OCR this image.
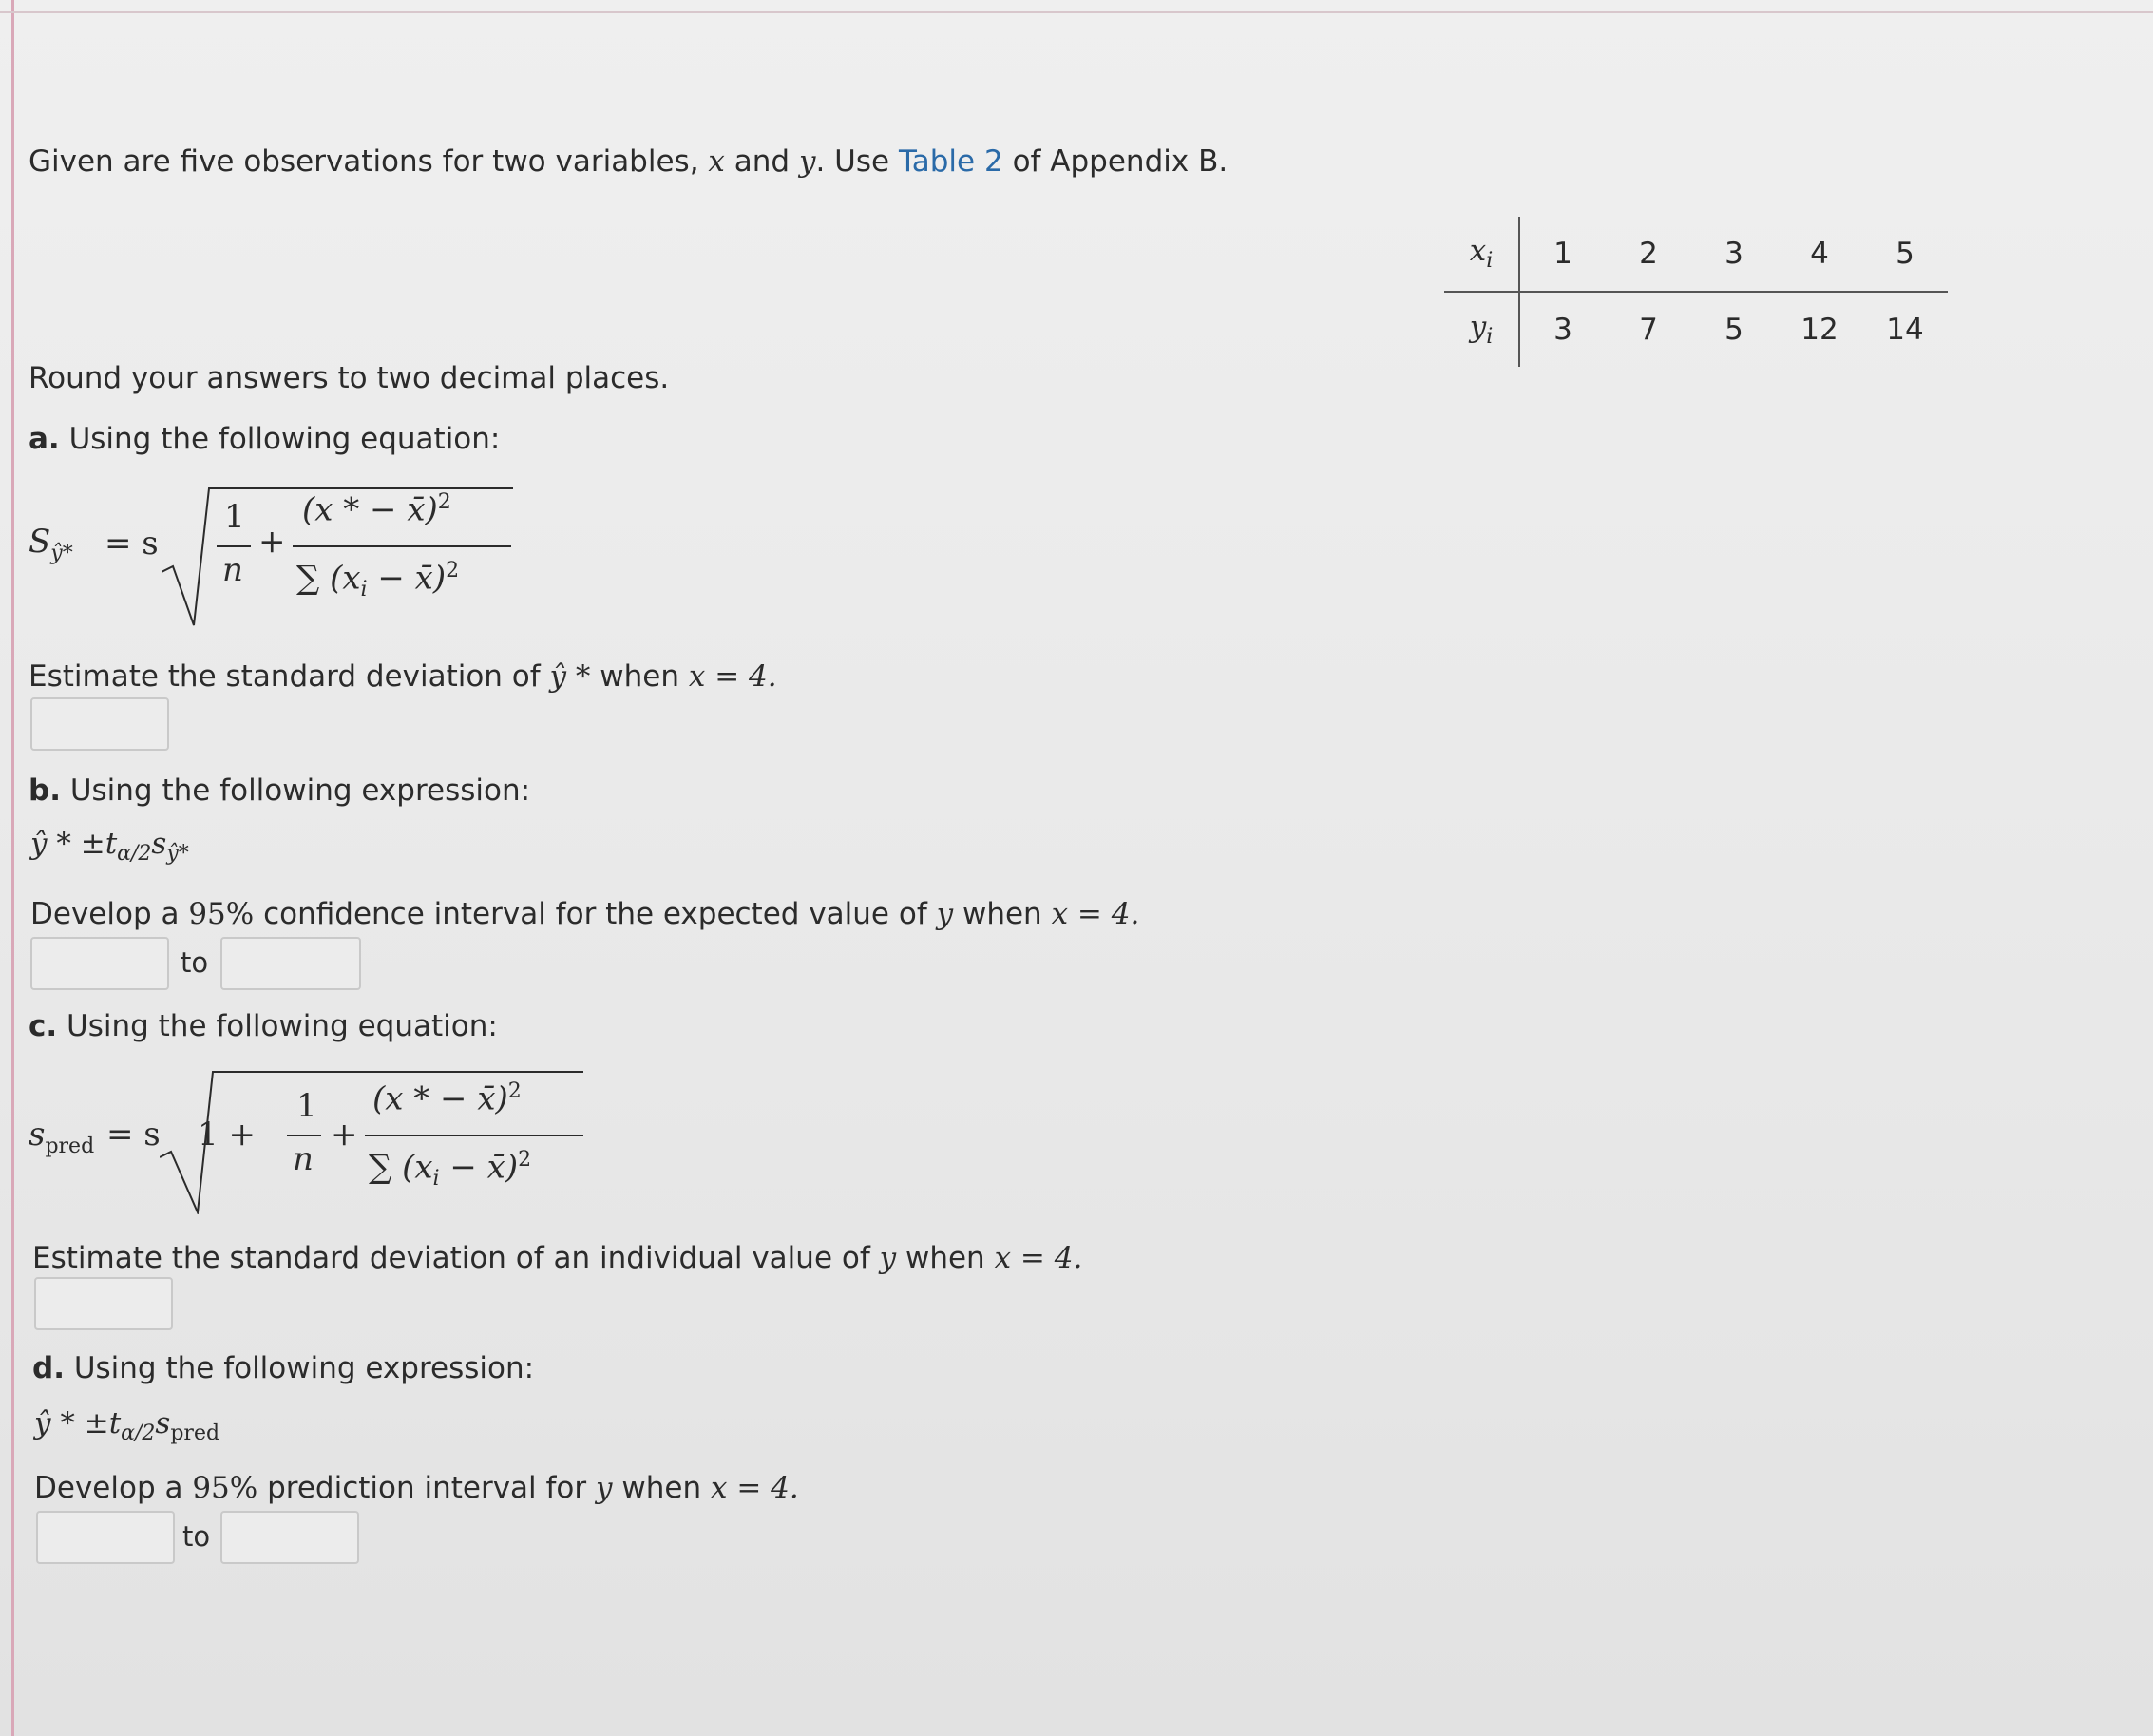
Given are five observations for two variables, x and y. Use Table 2 of Appendix B.
$x_i$	1	2	3	4	5
$y_i$	3	7	5	12	14
Round your answers to two decimal places.
a. Using the following equation:
$S_{ŷ*} = s$
1
n
+
(x * − x̄)$^2$
∑ ($x_i$ − x̄)$^2$
Estimate the standard deviation of ŷ * when x = 4.
b. Using the following expression:
ŷ * $\pm t_{\alpha/2}s_{ŷ*}$
Develop a 95% confidence interval for the expected value of y when x = 4.
to
c. Using the following equation:
$s_{pred} = s$ 1 +
1
n
+
(x * − x̄)$^2$
∑ ($x_i$ − x̄)$^2$
Estimate the standard deviation of an individual value of y when x = 4.
d. Using the following expression:
ŷ * $\pm t_{\alpha/2}s_{pred}$
Develop a 95% prediction interval for y when x = 4.
to
